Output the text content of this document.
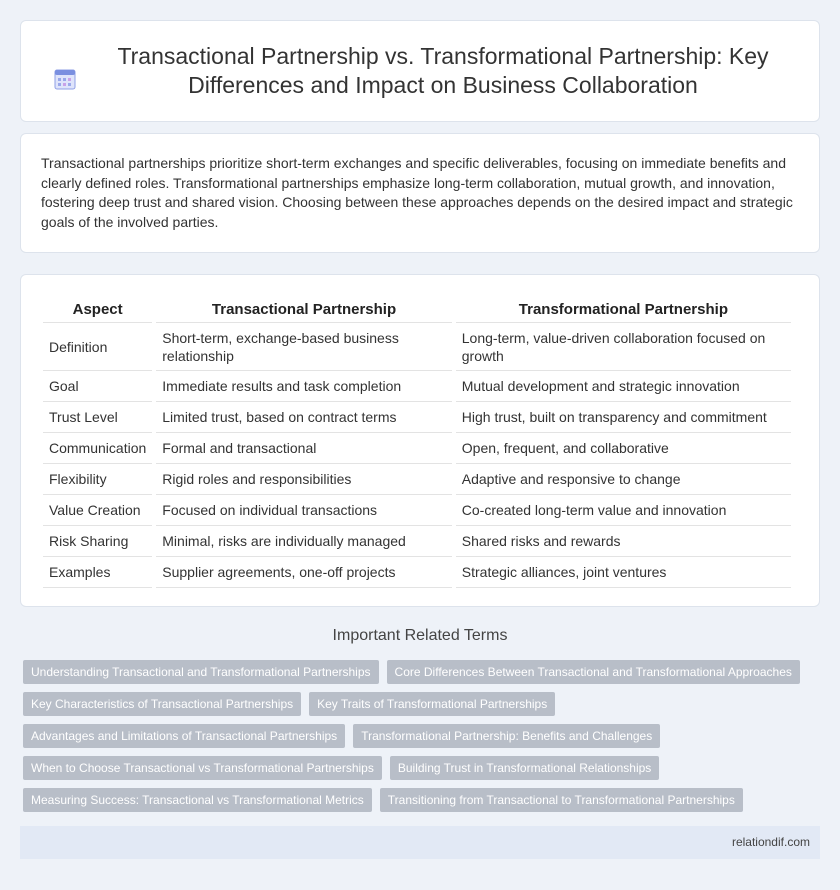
Transactional Partnership vs. Transformational Partnership: Key Differences and Impact on Business Collaboration

Transactional partnerships prioritize short-term exchanges and specific deliverables, focusing on immediate benefits and clearly defined roles. Transformational partnerships emphasize long-term collaboration, mutual growth, and innovation, fostering deep trust and shared vision. Choosing between these approaches depends on the desired impact and strategic goals of the involved parties.

Aspect	Transactional Partnership	Transformational Partnership
Definition	Short-term, exchange-based business relationship	Long-term, value-driven collaboration focused on growth
Goal	Immediate results and task completion	Mutual development and strategic innovation
Trust Level	Limited trust, based on contract terms	High trust, built on transparency and commitment
Communication	Formal and transactional	Open, frequent, and collaborative
Flexibility	Rigid roles and responsibilities	Adaptive and responsive to change
Value Creation	Focused on individual transactions	Co-created long-term value and innovation
Risk Sharing	Minimal, risks are individually managed	Shared risks and rewards
Examples	Supplier agreements, one-off projects	Strategic alliances, joint ventures
Important Related Terms
Understanding Transactional and Transformational Partnerships	Core Differences Between Transactional and Transformational Approaches
Key Characteristics of Transactional Partnerships	Key Traits of Transformational Partnerships
Advantages and Limitations of Transactional Partnerships	Transformational Partnership: Benefits and Challenges
When to Choose Transactional vs Transformational Partnerships	Building Trust in Transformational Relationships
Measuring Success: Transactional vs Transformational Metrics	Transitioning from Transactional to Transformational Partnerships
relationdif.com
